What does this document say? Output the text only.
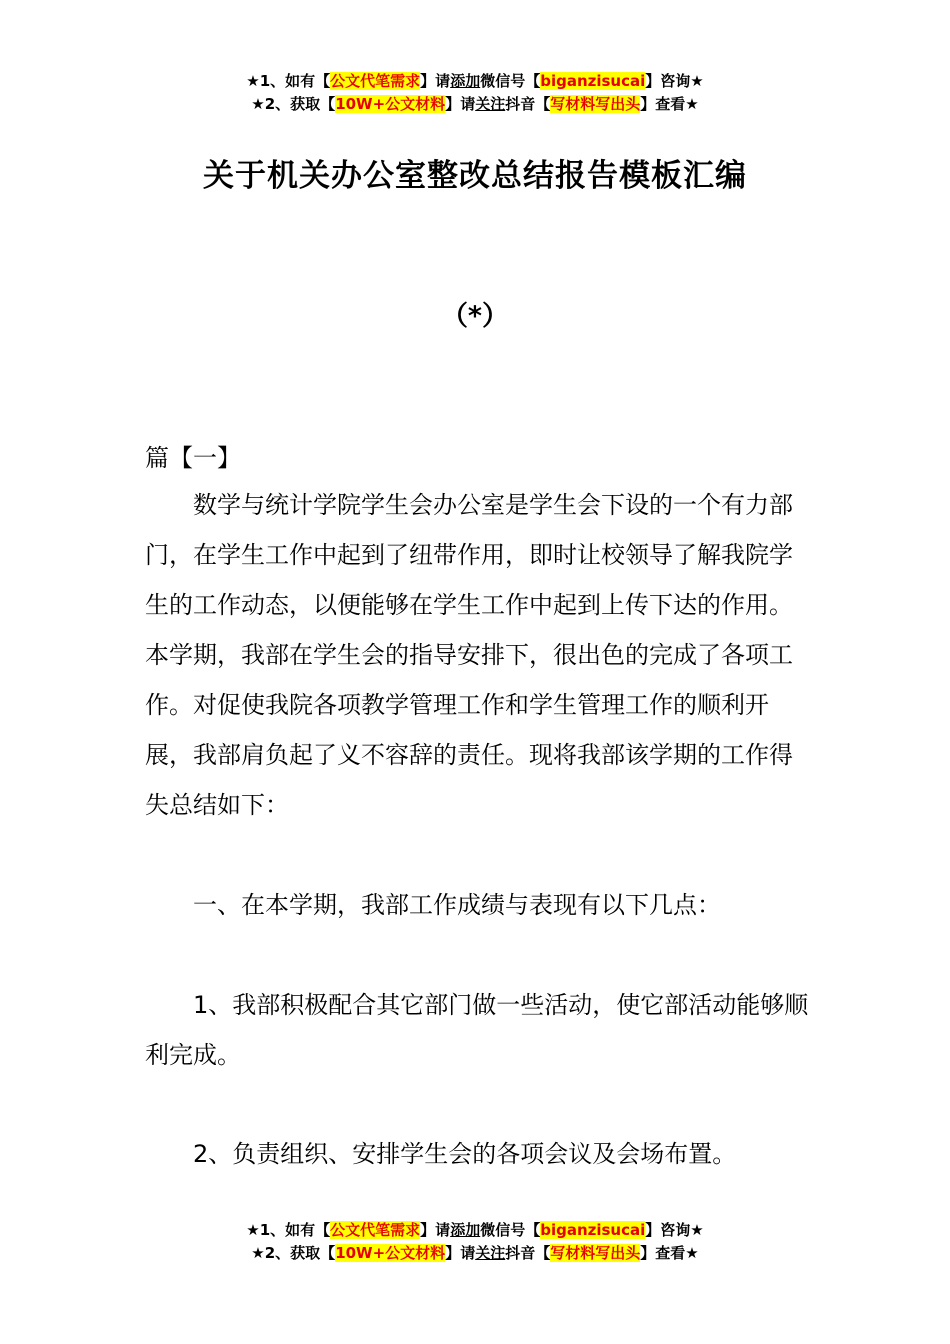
★1、如有【公文代笔需求】请添加微信号【biganzisucai】咨询★
★2、获取【10W+公文材料】请关注抖音【写材料写出头】查看★
关于机关办公室整改总结报告模板汇编
（*）
篇【一】
数学与统计学院学生会办公室是学生会下设的一个有力部门，在学生工作中起到了纽带作用，即时让校领导了解我院学生的工作动态，以便能够在学生工作中起到上传下达的作用。本学期，我部在学生会的指导安排下，很出色的完成了各项工作。对促使我院各项教学管理工作和学生管理工作的顺利开展，我部肩负起了义不容辞的责任。现将我部该学期的工作得失总结如下：
一、在本学期，我部工作成绩与表现有以下几点：
1、我部积极配合其它部门做一些活动，使它部活动能够顺利完成。
2、负责组织、安排学生会的各项会议及会场布置。
★1、如有【公文代笔需求】请添加微信号【biganzisucai】咨询★
★2、获取【10W+公文材料】请关注抖音【写材料写出头】查看★
